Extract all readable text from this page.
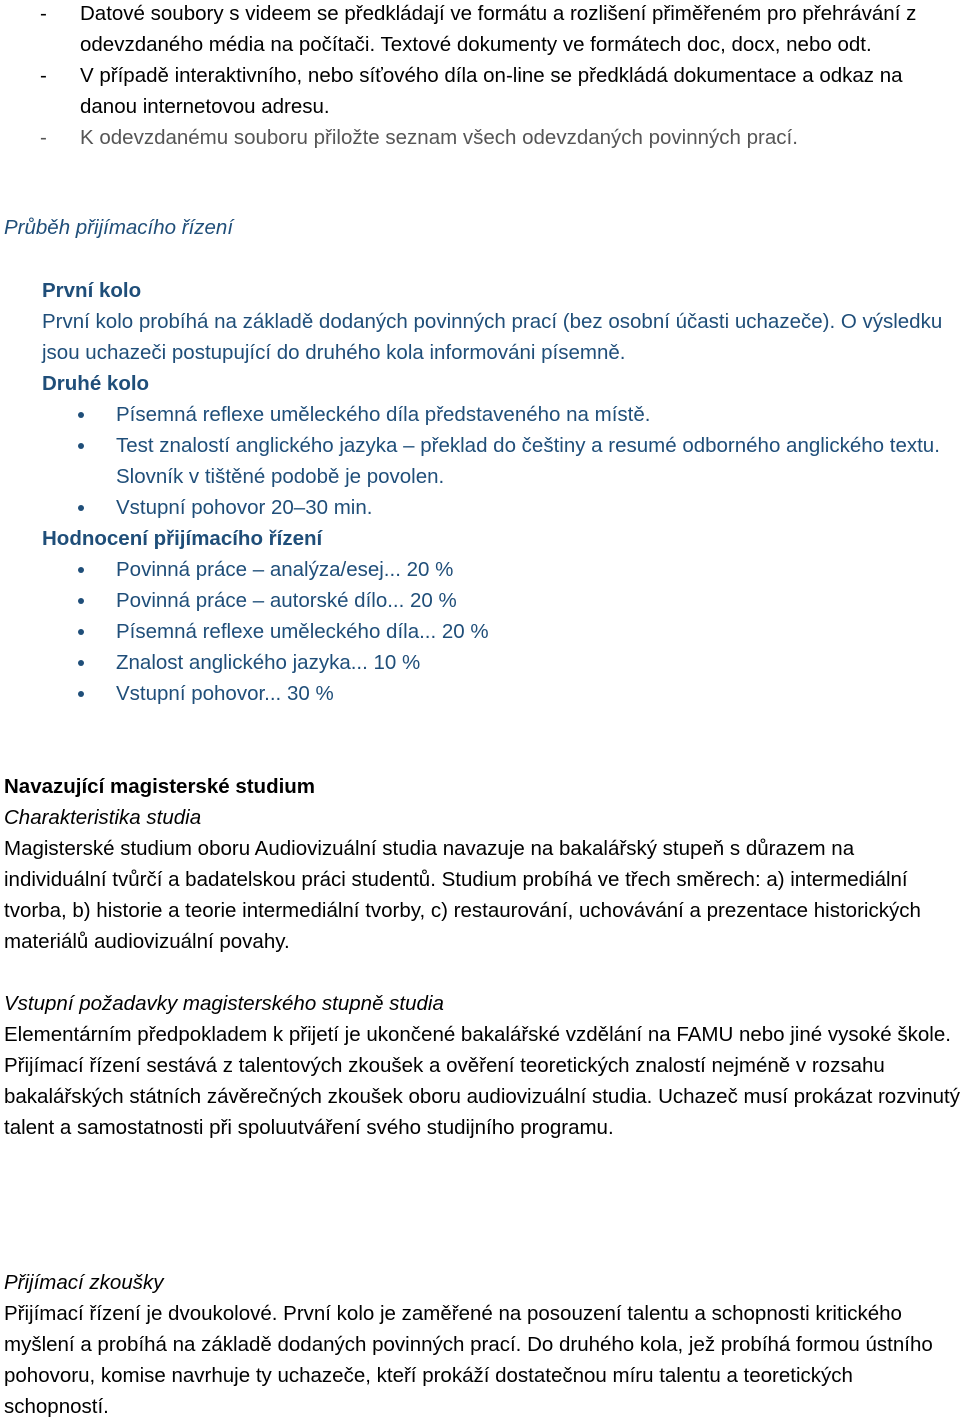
- Datové soubory s videem se předkládají ve formátu a rozlišení přiměřeném pro přehrávání z odevzdaného média na počítači. Textové dokumenty ve formátech doc, docx, nebo odt.

- V případě interaktivního, nebo síťového díla on-line se předkládá dokumentace a odkaz na danou internetovou adresu.

- K odevzdanému souboru přiložte seznam všech odevzdaných povinných prací.

Průběh přijímacího řízení

První kolo

První kolo probíhá na základě dodaných povinných prací (bez osobní účasti uchazeče). O výsledku jsou uchazeči postupující do druhého kola informováni písemně.

Druhé kolo

Písemná reflexe uměleckého díla představeného na místě.
Test znalostí anglického jazyka – překlad do češtiny a resumé odborného anglického textu. Slovník v tištěné podobě je povolen.
Vstupní pohovor 20–30 min.

Hodnocení přijímacího řízení

Povinná práce – analýza/esej... 20 %
Povinná práce – autorské dílo... 20 %
Písemná reflexe uměleckého díla... 20 %
Znalost anglického jazyka... 10 %
Vstupní pohovor... 30 %

Navazující magisterské studium

Charakteristika studia

Magisterské studium oboru Audiovizuální studia navazuje na bakalářský stupeň s důrazem na individuální tvůrčí a badatelskou práci studentů. Studium probíhá ve třech směrech: a) intermediální tvorba, b) historie a teorie intermediální tvorby, c) restaurování, uchovávání a prezentace historických materiálů audiovizuální povahy.

Vstupní požadavky magisterského stupně studia

Elementárním předpokladem k přijetí je ukončené bakalářské vzdělání na FAMU nebo jiné vysoké škole. Přijímací řízení sestává z talentových zkoušek a ověření teoretických znalostí nejméně v rozsahu bakalářských státních závěrečných zkoušek oboru audiovizuální studia. Uchazeč musí prokázat rozvinutý talent a samostatnosti při spoluutváření svého studijního programu.

Přijímací zkoušky

Přijímací řízení je dvoukolové. První kolo je zaměřené na posouzení talentu a schopnosti kritického myšlení a probíhá na základě dodaných povinných prací. Do druhého kola, jež probíhá formou ústního pohovoru, komise navrhuje ty uchazeče, kteří prokáží dostatečnou míru talentu a teoretických schopností.
